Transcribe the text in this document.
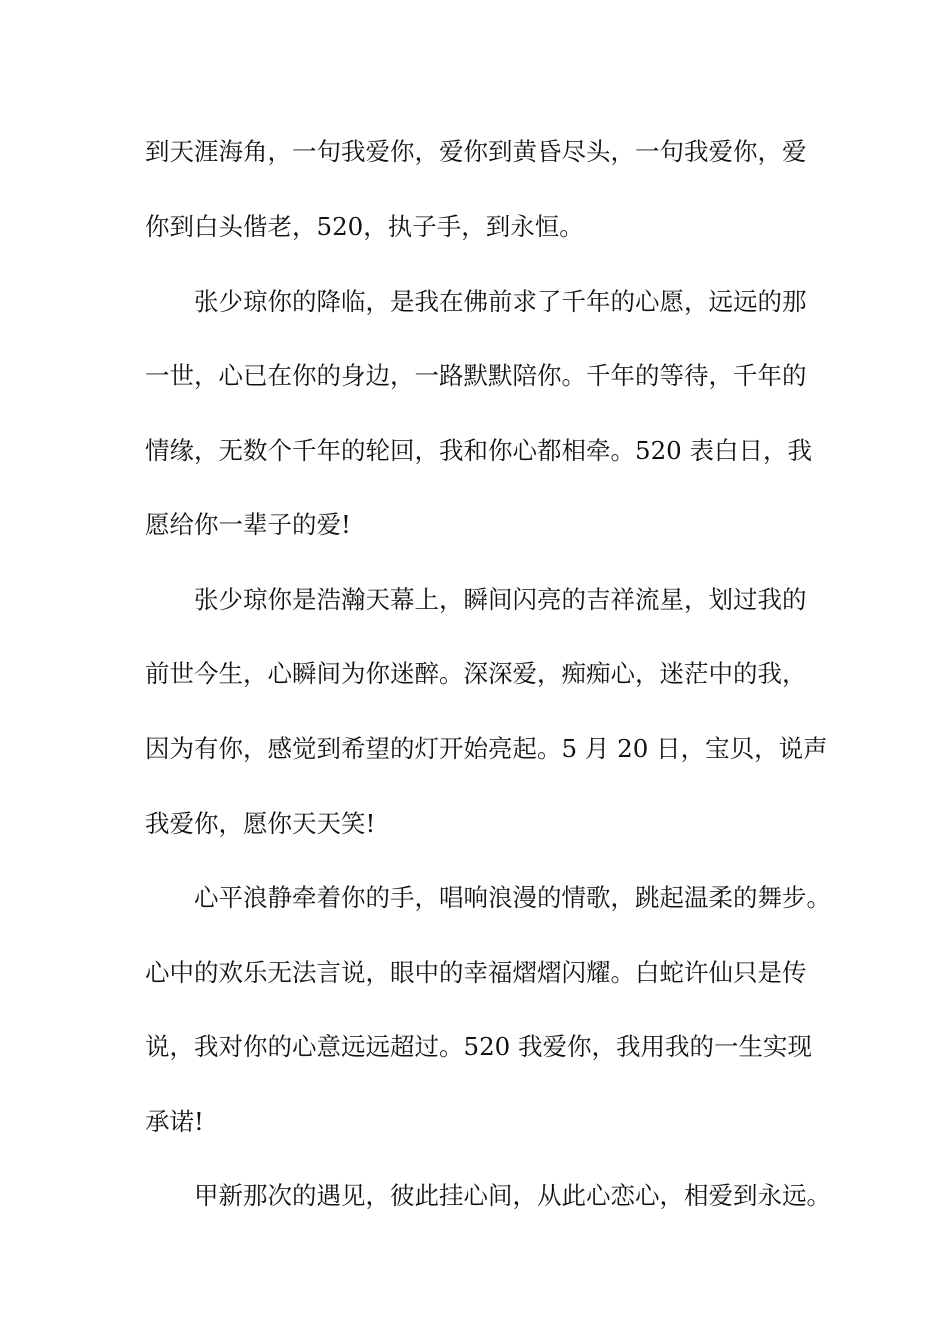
到天涯海角，一句我爱你，爱你到黄昏尽头，一句我爱你，爱

你到白头偕老，520，执子手，到永恒。

张少琼你的降临，是我在佛前求了千年的心愿，远远的那

一世，心已在你的身边，一路默默陪你。千年的等待，千年的

情缘，无数个千年的轮回，我和你心都相牵。520 表白日，我

愿给你一辈子的爱!

张少琼你是浩瀚天幕上，瞬间闪亮的吉祥流星，划过我的

前世今生，心瞬间为你迷醉。深深爱，痴痴心，迷茫中的我，

因为有你，感觉到希望的灯开始亮起。5 月 20 日，宝贝，说声

我爱你，愿你天天笑!

心平浪静牵着你的手，唱响浪漫的情歌，跳起温柔的舞步。

心中的欢乐无法言说，眼中的幸福熠熠闪耀。白蛇许仙只是传

说，我对你的心意远远超过。520 我爱你，我用我的一生实现

承诺!

甲新那次的遇见，彼此挂心间，从此心恋心，相爱到永远。
